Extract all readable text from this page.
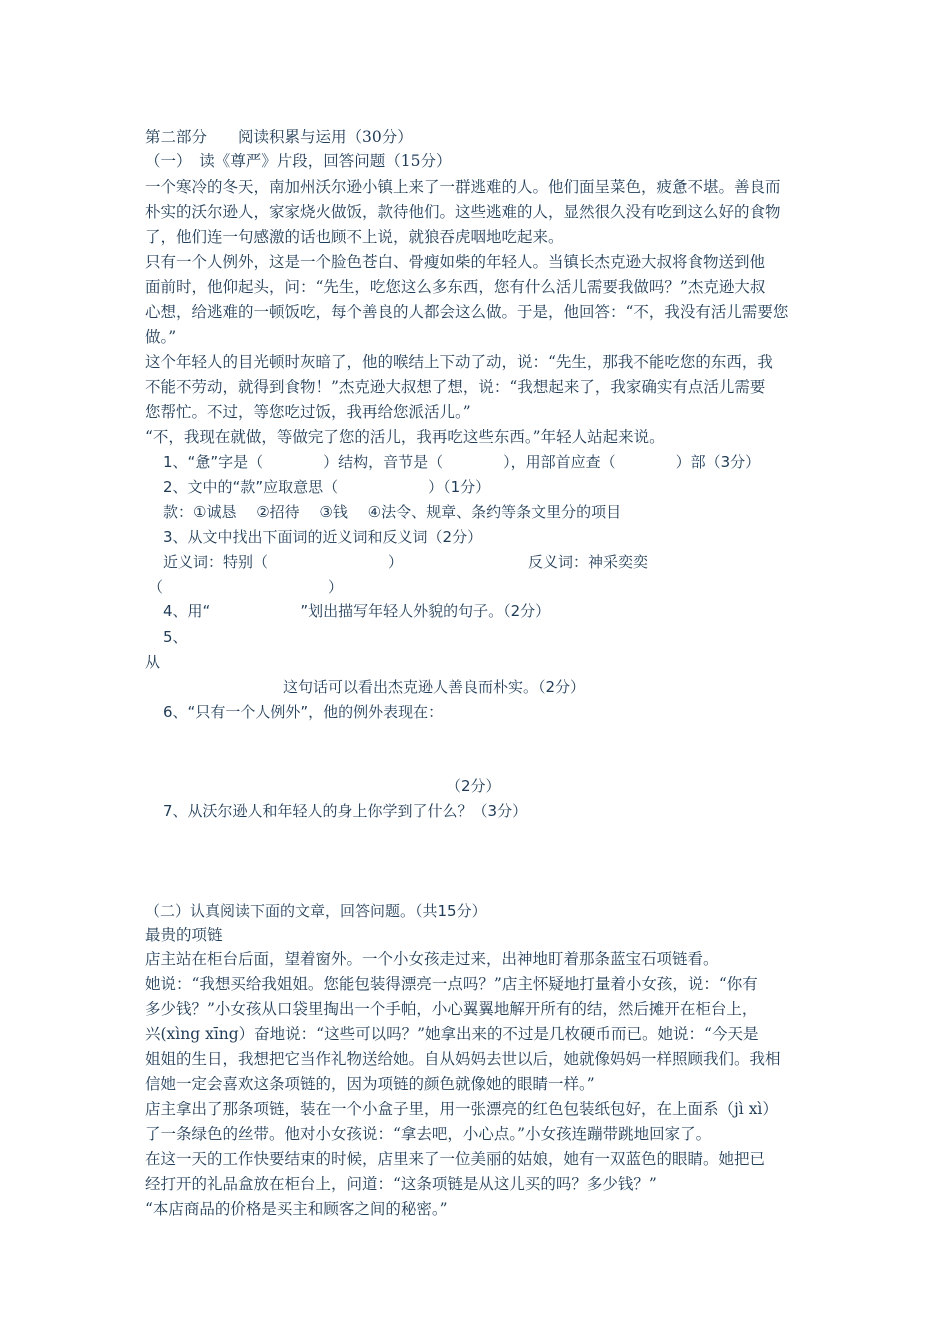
第二部分　　阅读积累与运用（30分）
（一）　读《尊严》片段，回答问题（15分）
一个寒冷的冬天，南加州沃尔逊小镇上来了一群逃难的人。他们面呈菜色，疲惫不堪。善良而
朴实的沃尔逊人，家家烧火做饭，款待他们。这些逃难的人，显然很久没有吃到这么好的食物
了，他们连一句感激的话也顾不上说，就狼吞虎咽地吃起来。
只有一个人例外，这是一个脸色苍白、骨瘦如柴的年轻人。当镇长杰克逊大叔将食物送到他
面前时，他仰起头，问：“先生，吃您这么多东西，您有什么活儿需要我做吗？”杰克逊大叔
心想，给逃难的一顿饭吃，每个善良的人都会这么做。于是，他回答：“不，我没有活儿需要您
做。”
这个年轻人的目光顿时灰暗了，他的喉结上下动了动，说：“先生，那我不能吃您的东西，我
不能不劳动，就得到食物！”杰克逊大叔想了想，说：“我想起来了，我家确实有点活儿需要
您帮忙。不过，等您吃过饭，我再给您派活儿。”
“不，我现在就做，等做完了您的活儿，我再吃这些东西。”年轻人站起来说。
1、“惫”字是（　　　　）结构，音节是（　　　　），用部首应查（　　　　）部（3分）
2、文中的“款”应取意思（　　　　　　）（1分）
款：①诚恳　 ②招待　 ③钱　 ④法令、规章、条约等条文里分的项目
3、从文中找出下面词的近义词和反义词（2分）
近义词：特别（　　　　　　　　）	反义词：神采奕奕
（　　　　　　　　　　　）
4、用“　　　　　　”划出描写年轻人外貌的句子。（2分）
5、
从
这句话可以看出杰克逊人善良而朴实。（2分）
6、“只有一个人例外”，他的例外表现在：
（2分）
7、从沃尔逊人和年轻人的身上你学到了什么？（3分）
（二）认真阅读下面的文章，回答问题。（共15分）
最贵的项链
店主站在柜台后面，望着窗外。一个小女孩走过来，出神地盯着那条蓝宝石项链看。
她说：“我想买给我姐姐。您能包装得漂亮一点吗？”店主怀疑地打量着小女孩，说：“你有
多少钱？”小女孩从口袋里掏出一个手帕，小心翼翼地解开所有的结，然后摊开在柜台上，
兴(xìng xīng）奋地说：“这些可以吗？”她拿出来的不过是几枚硬币而已。她说：“今天是
姐姐的生日，我想把它当作礼物送给她。自从妈妈去世以后，她就像妈妈一样照顾我们。我相
信她一定会喜欢这条项链的，因为项链的颜色就像她的眼睛一样。”
店主拿出了那条项链，装在一个小盒子里，用一张漂亮的红色包装纸包好，在上面系（jì xì）
了一条绿色的丝带。他对小女孩说：“拿去吧，小心点。”小女孩连蹦带跳地回家了。
在这一天的工作快要结束的时候，店里来了一位美丽的姑娘，她有一双蓝色的眼睛。她把已
经打开的礼品盒放在柜台上，问道：“这条项链是从这儿买的吗？多少钱？”
“本店商品的价格是买主和顾客之间的秘密。”
